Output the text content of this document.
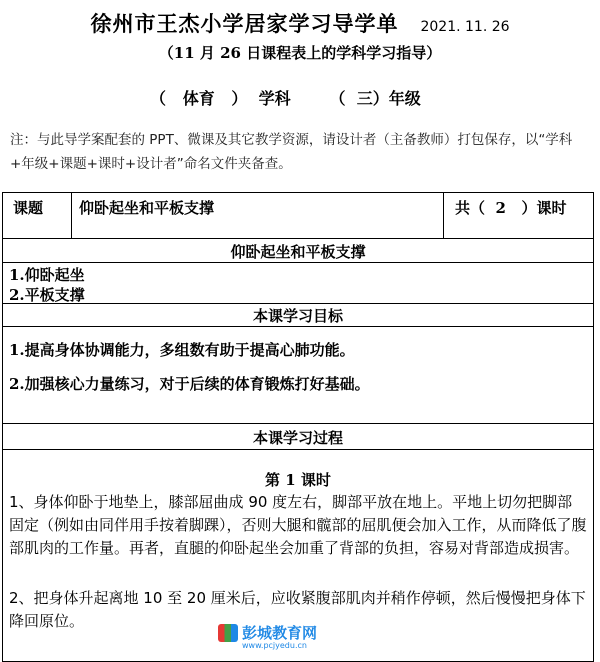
徐州市王杰小学居家学习导学单 2021. 11. 26
（11 月 26 日课程表上的学科学习指导）
（   体育   ）  学科       （  三）年级
注：与此导学案配套的 PPT、微课及其它教学资源，请设计者（主备教师）打包保存，以“学科+年级+课题+课时+设计者”命名文件夹备查。
课题 仰卧起坐和平板支撑	共（  2   ）课时
仰卧起坐和平板支撑
1.仰卧起坐
2.平板支撑
本课学习目标
1.提高身体协调能力，多组数有助于提高心肺功能。
2.加强核心力量练习，对于后续的体育锻炼打好基础。
本课学习过程
第 1 课时
1、身体仰卧于地垫上，膝部屈曲成 90 度左右，脚部平放在地上。平地上切勿把脚部固定（例如由同伴用手按着脚踝），否则大腿和髋部的屈肌便会加入工作，从而降低了腹部肌肉的工作量。再者，直腿的仰卧起坐会加重了背部的负担，容易对背部造成损害。
2、把身体升起离地 10 至 20 厘米后，应收紧腹部肌肉并稍作停顿，然后慢慢把身体下降回原位。
彭城教育网
www.pcjyedu.cn
